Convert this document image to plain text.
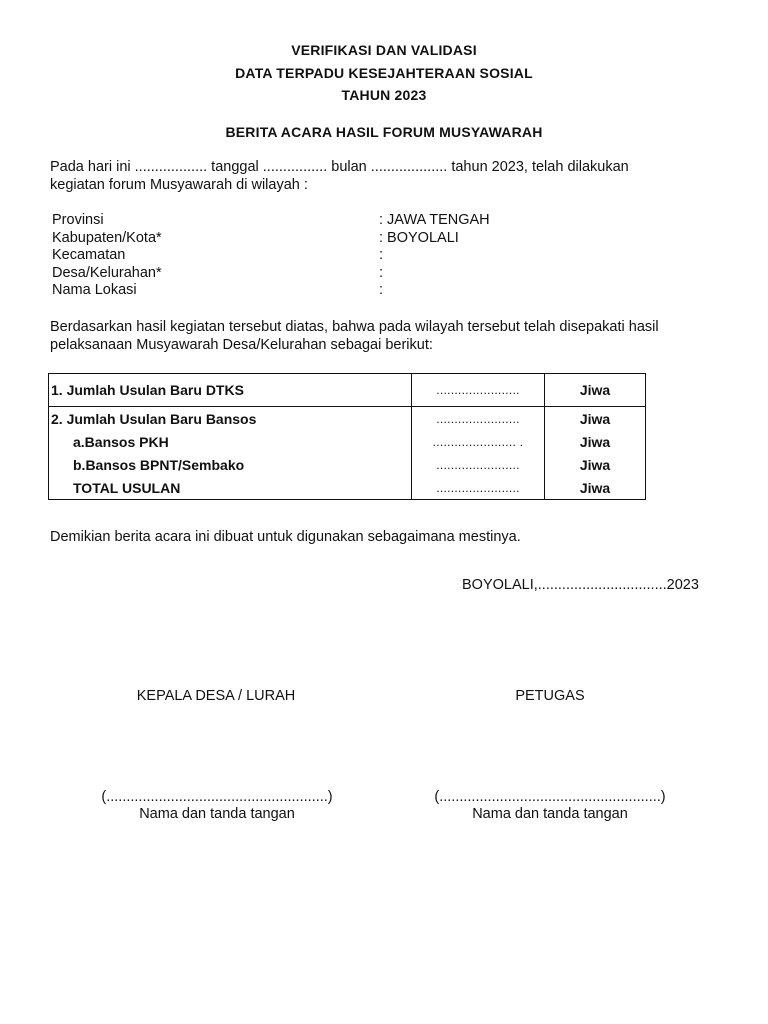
VERIFIKASI DAN VALIDASI
DATA TERPADU KESEJAHTERAAN SOSIAL
TAHUN 2023
BERITA ACARA HASIL FORUM MUSYAWARAH
Pada hari ini .................. tanggal ................ bulan ................... tahun 2023, telah dilakukan
kegiatan forum Musyawarah di wilayah :
Provinsi	: JAWA TENGAH
Kabupaten/Kota*	: BOYOLALI
Kecamatan	:
Desa/Kelurahan*	:
Nama Lokasi	:
Berdasarkan hasil kegiatan tersebut diatas, bahwa pada wilayah tersebut telah disepakati hasil
pelaksanaan Musyawarah Desa/Kelurahan sebagai berikut:
1. Jumlah Usulan Baru DTKS	.......................	Jiwa
2. Jumlah Usulan Baru Bansos	.......................	Jiwa
a.Bansos PKH	....................... .	Jiwa
b.Bansos BPNT/Sembako	.......................	Jiwa
TOTAL USULAN	.......................	Jiwa
Demikian berita acara ini dibuat untuk digunakan sebagaimana mestinya.
BOYOLALI,................................2023
KEPALA DESA / LURAH	PETUGAS
(.......................................................)	(.......................................................)
Nama dan tanda tangan	Nama dan tanda tangan
